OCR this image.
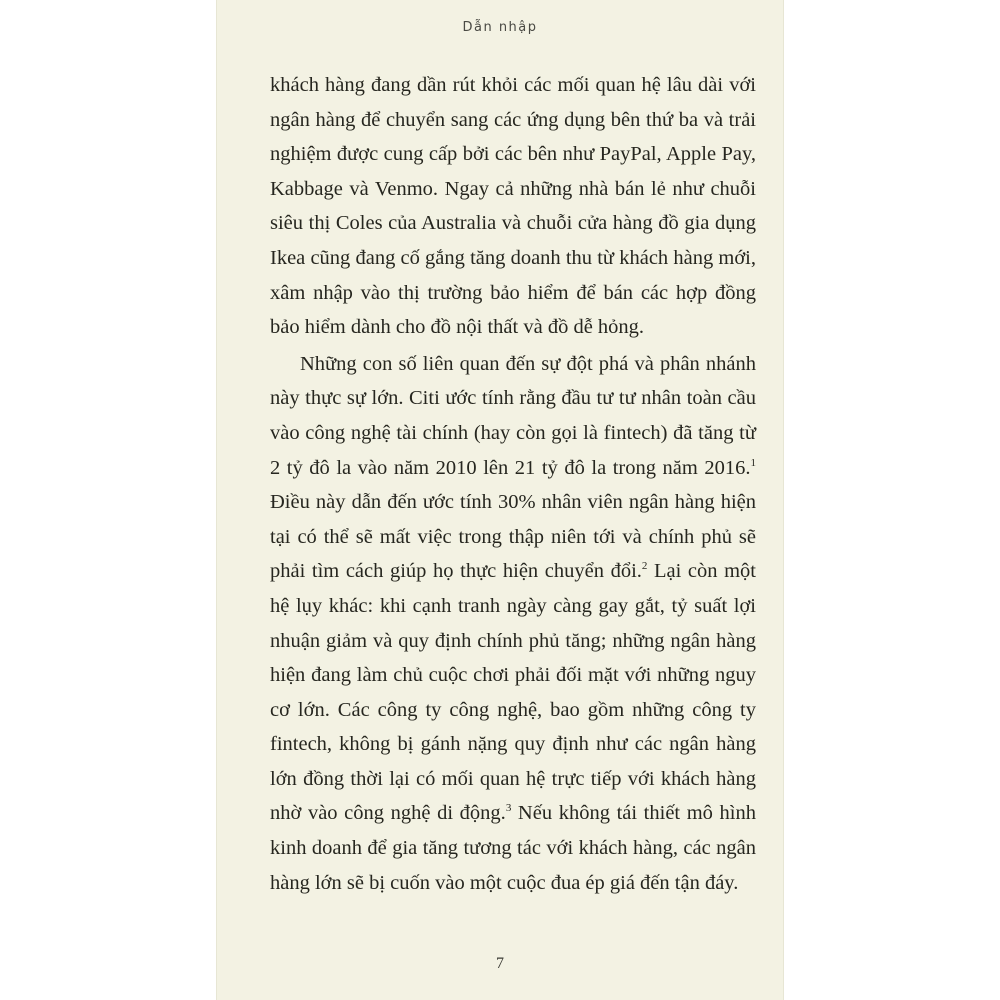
Dẫn nhập

khách hàng đang dần rút khỏi các mối quan hệ lâu dài với ngân hàng để chuyển sang các ứng dụng bên thứ ba và trải nghiệm được cung cấp bởi các bên như PayPal, Apple Pay, Kabbage và Venmo. Ngay cả những nhà bán lẻ như chuỗi siêu thị Coles của Australia và chuỗi cửa hàng đồ gia dụng Ikea cũng đang cố gắng tăng doanh thu từ khách hàng mới, xâm nhập vào thị trường bảo hiểm để bán các hợp đồng bảo hiểm dành cho đồ nội thất và đồ dễ hỏng.

Những con số liên quan đến sự đột phá và phân nhánh này thực sự lớn. Citi ước tính rằng đầu tư tư nhân toàn cầu vào công nghệ tài chính (hay còn gọi là fintech) đã tăng từ 2 tỷ đô la vào năm 2010 lên 21 tỷ đô la trong năm 2016.$^1$ Điều này dẫn đến ước tính 30% nhân viên ngân hàng hiện tại có thể sẽ mất việc trong thập niên tới và chính phủ sẽ phải tìm cách giúp họ thực hiện chuyển đổi.$^2$ Lại còn một hệ lụy khác: khi cạnh tranh ngày càng gay gắt, tỷ suất lợi nhuận giảm và quy định chính phủ tăng; những ngân hàng hiện đang làm chủ cuộc chơi phải đối mặt với những nguy cơ lớn. Các công ty công nghệ, bao gồm những công ty fintech, không bị gánh nặng quy định như các ngân hàng lớn đồng thời lại có mối quan hệ trực tiếp với khách hàng nhờ vào công nghệ di động.$^3$ Nếu không tái thiết mô hình kinh doanh để gia tăng tương tác với khách hàng, các ngân hàng lớn sẽ bị cuốn vào một cuộc đua ép giá đến tận đáy.

7
